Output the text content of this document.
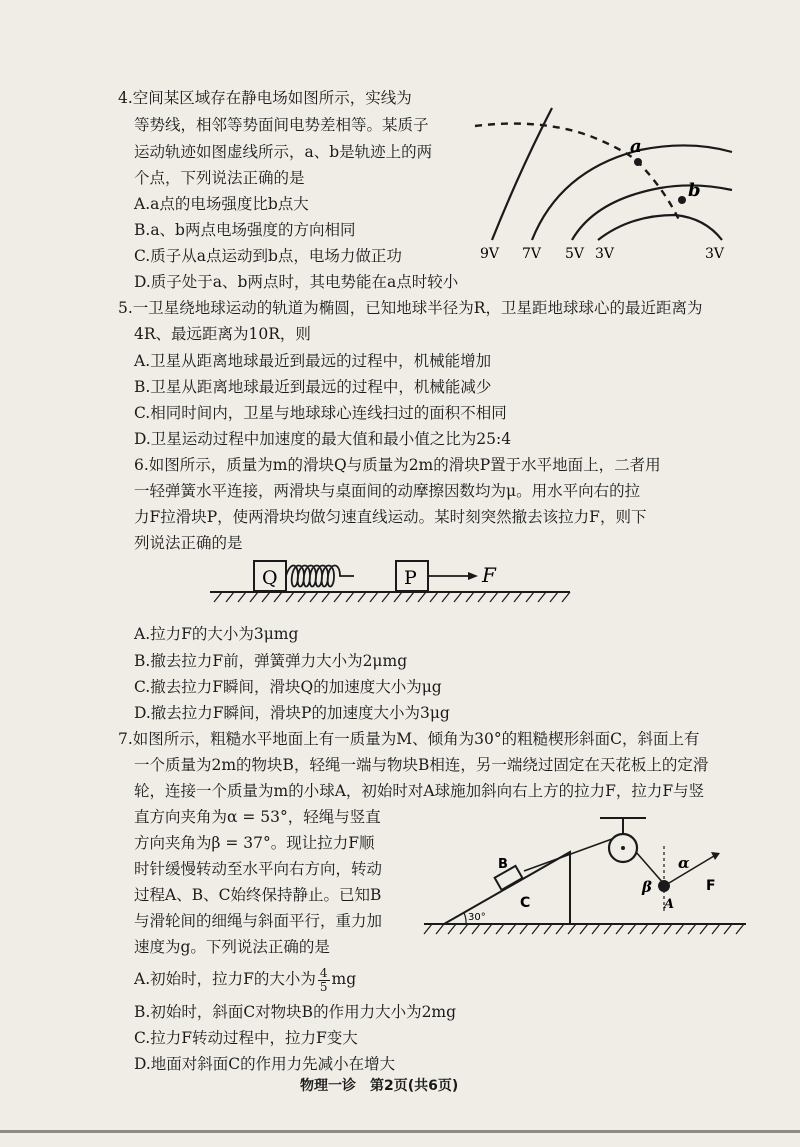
4.空间某区域存在静电场如图所示，实线为
等势线，相邻等势面间电势差相等。某质子
运动轨迹如图虚线所示，a、b是轨迹上的两
个点，下列说法正确的是
A.a点的电场强度比b点大
B.a、b两点电场强度的方向相同
C.质子从a点运动到b点，电场力做正功
D.质子处于a、b两点时，其电势能在a点时较小
a
b
9V 7V 5V 3V	3V
5.一卫星绕地球运动的轨道为椭圆，已知地球半径为R，卫星距地球球心的最近距离为
4R、最远距离为10R，则
A.卫星从距离地球最近到最远的过程中，机械能增加
B.卫星从距离地球最近到最远的过程中，机械能减少
C.相同时间内，卫星与地球球心连线扫过的面积不相同
D.卫星运动过程中加速度的最大值和最小值之比为25:4
6.如图所示，质量为m的滑块Q与质量为2m的滑块P置于水平地面上，二者用
一轻弹簧水平连接，两滑块与桌面间的动摩擦因数均为μ。用水平向右的拉
力F拉滑块P，使两滑块均做匀速直线运动。某时刻突然撤去该拉力F，则下
列说法正确的是
Q	P	F
A.拉力F的大小为3μmg
B.撤去拉力F前，弹簧弹力大小为2μmg
C.撤去拉力F瞬间，滑块Q的加速度大小为μg
D.撤去拉力F瞬间，滑块P的加速度大小为3μg
7.如图所示，粗糙水平地面上有一质量为M、倾角为30°的粗糙楔形斜面C，斜面上有
一个质量为2m的物块B，轻绳一端与物块B相连，另一端绕过固定在天花板上的定滑
轮，连接一个质量为m的小球A，初始时对A球施加斜向右上方的拉力F，拉力F与竖
直方向夹角为α = 53°，轻绳与竖直
方向夹角为β = 37°。现让拉力F顺
时针缓慢转动至水平向右方向，转动
过程A、B、C始终保持静止。已知B
与滑轮间的细绳与斜面平行，重力加
速度为g。下列说法正确的是
C
30°
B
A
F
α
β
A.初始时，拉力F的大小为 $\frac{4}{5}$ mg
B.初始时，斜面C对物块B的作用力大小为2mg
C.拉力F转动过程中，拉力F变大
D.地面对斜面C的作用力先减小在增大
物理一诊　第2页(共6页)
